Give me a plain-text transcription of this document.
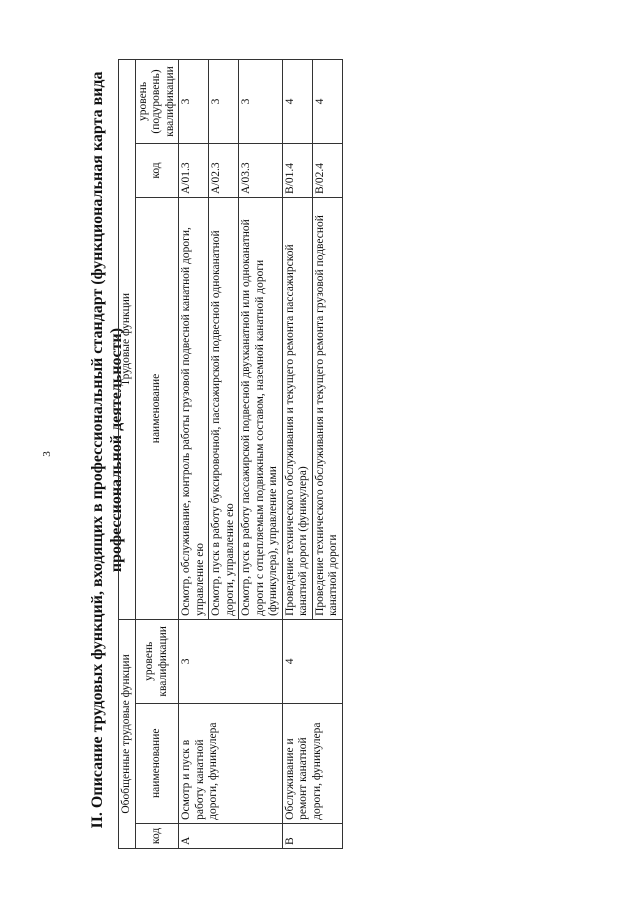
3 II. Описание трудовых функций, входящих в профессиональный стандарт (функциональная карта вида профессиональной деятельности)
Обобщенные трудовые функции			Трудовые функции		
код	наименование	уровень квалификации	наименование	код	уровень (подуровень) квалификации
A	Осмотр и пуск в работу канатной дороги, фуникулера	3	Осмотр, обслуживание, контроль работы грузовой подвесной канатной дороги, управление ею	A/01.3	3
			Осмотр, пуск в работу буксировочной, пассажирской подвесной одноканатной дороги, управление ею	A/02.3	3
			Осмотр, пуск в работу пассажирской подвесной двухканатной или одноканатной дороги с отцепляемым подвижным составом, наземной канатной дороги (фуникулера), управление ими	A/03.3	3
B	Обслуживание и ремонт канатной дороги, фуникулера	4	Проведение технического обслуживания и текущего ремонта пассажирской канатной дороги (фуникулера)	B/01.4	4
			Проведение технического обслуживания и текущего ремонта грузовой подвесной канатной дороги	B/02.4	4
